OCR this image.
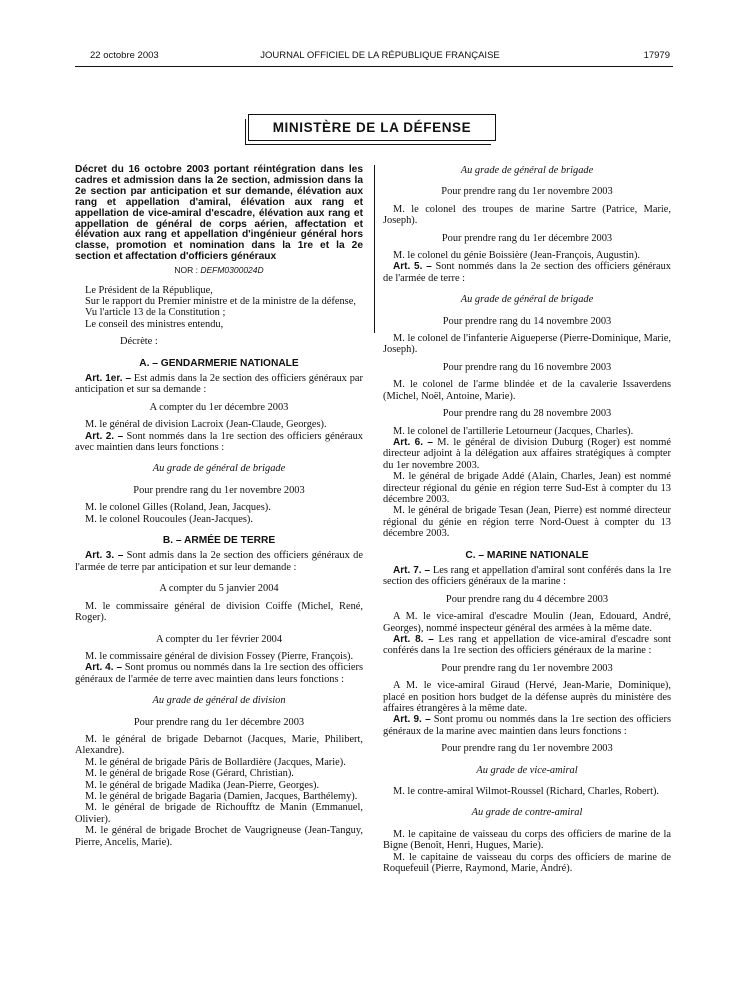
22 octobre 2003	JOURNAL OFFICIEL DE LA RÉPUBLIQUE FRANÇAISE	17979
MINISTÈRE DE LA DÉFENSE

Décret du 16 octobre 2003 portant réintégration dans les cadres et admission dans la 2e section, admission dans la 2e section par anticipation et sur demande, élévation aux rang et appellation d'amiral, élévation aux rang et appellation de vice-amiral d'escadre, élévation aux rang et appellation de général de corps aérien, affectation et élévation aux rang et appellation d'ingénieur général hors classe, promotion et nomination dans la 1re et la 2e section et affectation d'officiers généraux

NOR : DEFM0300024D

Le Président de la République,

Sur le rapport du Premier ministre et de la ministre de la défense,

Vu l'article 13 de la Constitution ;

Le conseil des ministres entendu,

Décrète :

A. – GENDARMERIE NATIONALE

Art. 1er. – Est admis dans la 2e section des officiers généraux par anticipation et sur sa demande :

A compter du 1er décembre 2003

M. le général de division Lacroix (Jean-Claude, Georges).

Art. 2. – Sont nommés dans la 1re section des officiers généraux avec maintien dans leurs fonctions :

Au grade de général de brigade

Pour prendre rang du 1er novembre 2003

M. le colonel Gilles (Roland, Jean, Jacques).

M. le colonel Roucoules (Jean-Jacques).

B. – ARMÉE DE TERRE

Art. 3. – Sont admis dans la 2e section des officiers généraux de l'armée de terre par anticipation et sur leur demande :

A compter du 5 janvier 2004

M. le commissaire général de division Coiffe (Michel, René, Roger).

A compter du 1er février 2004

M. le commissaire général de division Fossey (Pierre, François).

Art. 4. – Sont promus ou nommés dans la 1re section des officiers généraux de l'armée de terre avec maintien dans leurs fonctions :

Au grade de général de division

Pour prendre rang du 1er décembre 2003

M. le général de brigade Debarnot (Jacques, Marie, Philibert, Alexandre).

M. le général de brigade Pâris de Bollardière (Jacques, Marie).

M. le général de brigade Rose (Gérard, Christian).

M. le général de brigade Madika (Jean-Pierre, Georges).

M. le général de brigade Bagaria (Damien, Jacques, Barthélemy).

M. le général de brigade de Richoufftz de Manin (Emmanuel, Olivier).

M. le général de brigade Brochet de Vaugrigneuse (Jean-Tanguy, Pierre, Ancelis, Marie).

Au grade de général de brigade

Pour prendre rang du 1er novembre 2003

M. le colonel des troupes de marine Sartre (Patrice, Marie, Joseph).

Pour prendre rang du 1er décembre 2003

M. le colonel du génie Boissière (Jean-François, Augustin).

Art. 5. – Sont nommés dans la 2e section des officiers généraux de l'armée de terre :

Au grade de général de brigade

Pour prendre rang du 14 novembre 2003

M. le colonel de l'infanterie Aigueperse (Pierre-Dominique, Marie, Joseph).

Pour prendre rang du 16 novembre 2003

M. le colonel de l'arme blindée et de la cavalerie Issaverdens (Michel, Noël, Antoine, Marie).

Pour prendre rang du 28 novembre 2003

M. le colonel de l'artillerie Letourneur (Jacques, Charles).

Art. 6. – M. le général de division Duburg (Roger) est nommé directeur adjoint à la délégation aux affaires stratégiques à compter du 1er novembre 2003.

M. le général de brigade Addé (Alain, Charles, Jean) est nommé directeur régional du génie en région terre Sud-Est à compter du 13 décembre 2003.

M. le général de brigade Tesan (Jean, Pierre) est nommé directeur régional du génie en région terre Nord-Ouest à compter du 13 décembre 2003.

C. – MARINE NATIONALE

Art. 7. – Les rang et appellation d'amiral sont conférés dans la 1re section des officiers généraux de la marine :

Pour prendre rang du 4 décembre 2003

A M. le vice-amiral d'escadre Moulin (Jean, Edouard, André, Georges), nommé inspecteur général des armées à la même date.

Art. 8. – Les rang et appellation de vice-amiral d'escadre sont conférés dans la 1re section des officiers généraux de la marine :

Pour prendre rang du 1er novembre 2003

A M. le vice-amiral Giraud (Hervé, Jean-Marie, Dominique), placé en position hors budget de la défense auprès du ministère des affaires étrangères à la même date.

Art. 9. – Sont promu ou nommés dans la 1re section des officiers généraux de la marine avec maintien dans leurs fonctions :

Pour prendre rang du 1er novembre 2003

Au grade de vice-amiral

M. le contre-amiral Wilmot-Roussel (Richard, Charles, Robert).

Au grade de contre-amiral

M. le capitaine de vaisseau du corps des officiers de marine de la Bigne (Benoît, Henri, Hugues, Marie).

M. le capitaine de vaisseau du corps des officiers de marine de Roquefeuil (Pierre, Raymond, Marie, André).
